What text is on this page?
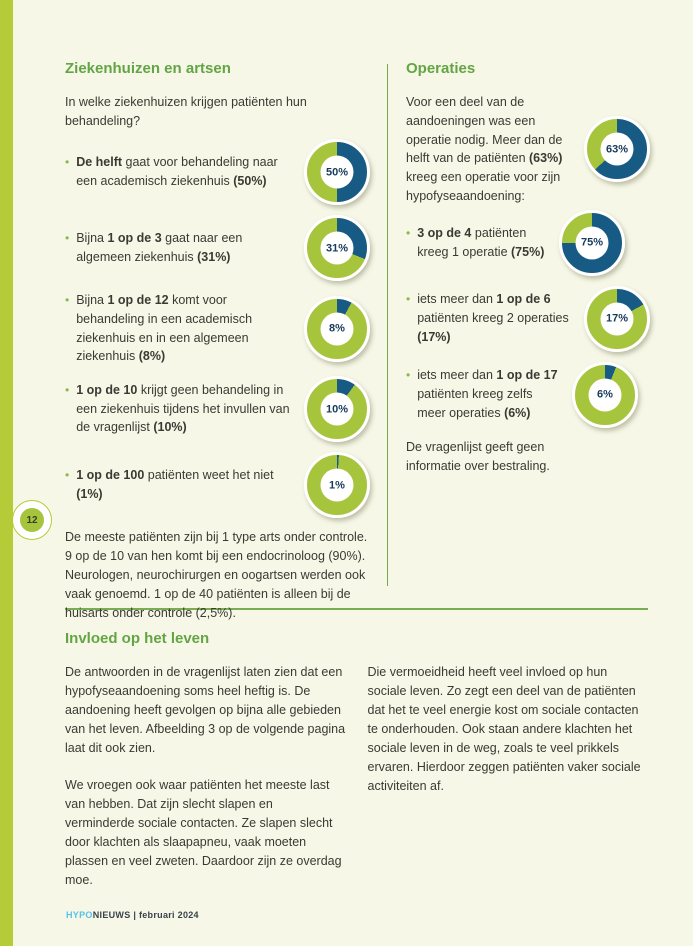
12
Ziekenhuizen en artsen

In welke ziekenhuizen krijgen patiënten hun behandeling?

•
De helft gaat voor behandeling naar een academisch ziekenhuis (50%)
50%
•
Bijna 1 op de 3 gaat naar een algemeen ziekenhuis (31%)
31%
•
Bijna 1 op de 12 komt voor behandeling in een academisch ziekenhuis en in een algemeen ziekenhuis (8%)
8%
•
1 op de 10 krijgt geen behandeling in een ziekenhuis tijdens het invullen van de vragenlijst (10%)
10%
•
1 op de 100 patiënten weet het niet (1%)
1%

De meeste patiënten zijn bij 1 type arts onder controle. 9 op de 10 van hen komt bij een endocrinoloog (90%). Neurologen, neurochirurgen en oogartsen werden ook vaak genoemd. 1 op de 40 patiënten is alleen bij de huisarts onder controle (2,5%).

Operaties
Voor een deel van de aandoeningen was een operatie nodig. Meer dan de helft van de patiënten (63%) kreeg een operatie voor zijn hypofyseaandoening:
63%
•
3 op de 4 patiënten kreeg 1 operatie (75%)
75%
•
iets meer dan 1 op de 6 patiënten kreeg 2 operaties (17%)
17%
•
iets meer dan 1 op de 17 patiënten kreeg zelfs meer operaties (6%)
6%

De vragenlijst geeft geen informatie over bestraling.

Invloed op het leven

De antwoorden in de vragenlijst laten zien dat een hypofyseaandoening soms heel heftig is. De aandoening heeft gevolgen op bijna alle gebieden van het leven. Afbeelding 3 op de volgende pagina laat dit ook zien.

We vroegen ook waar patiënten het meeste last van hebben. Dat zijn slecht slapen en verminderde sociale contacten. Ze slapen slecht door klachten als slaapapneu, vaak moeten plassen en veel zweten. Daardoor zijn ze overdag moe.

Die vermoeidheid heeft veel invloed op hun sociale leven. Zo zegt een deel van de patiënten dat het te veel energie kost om sociale contacten te onderhouden. Ook staan andere klachten het sociale leven in de weg, zoals te veel prikkels ervaren. Hierdoor zeggen patiënten vaker sociale activiteiten af.

HYPONIEUWS | februari 2024
